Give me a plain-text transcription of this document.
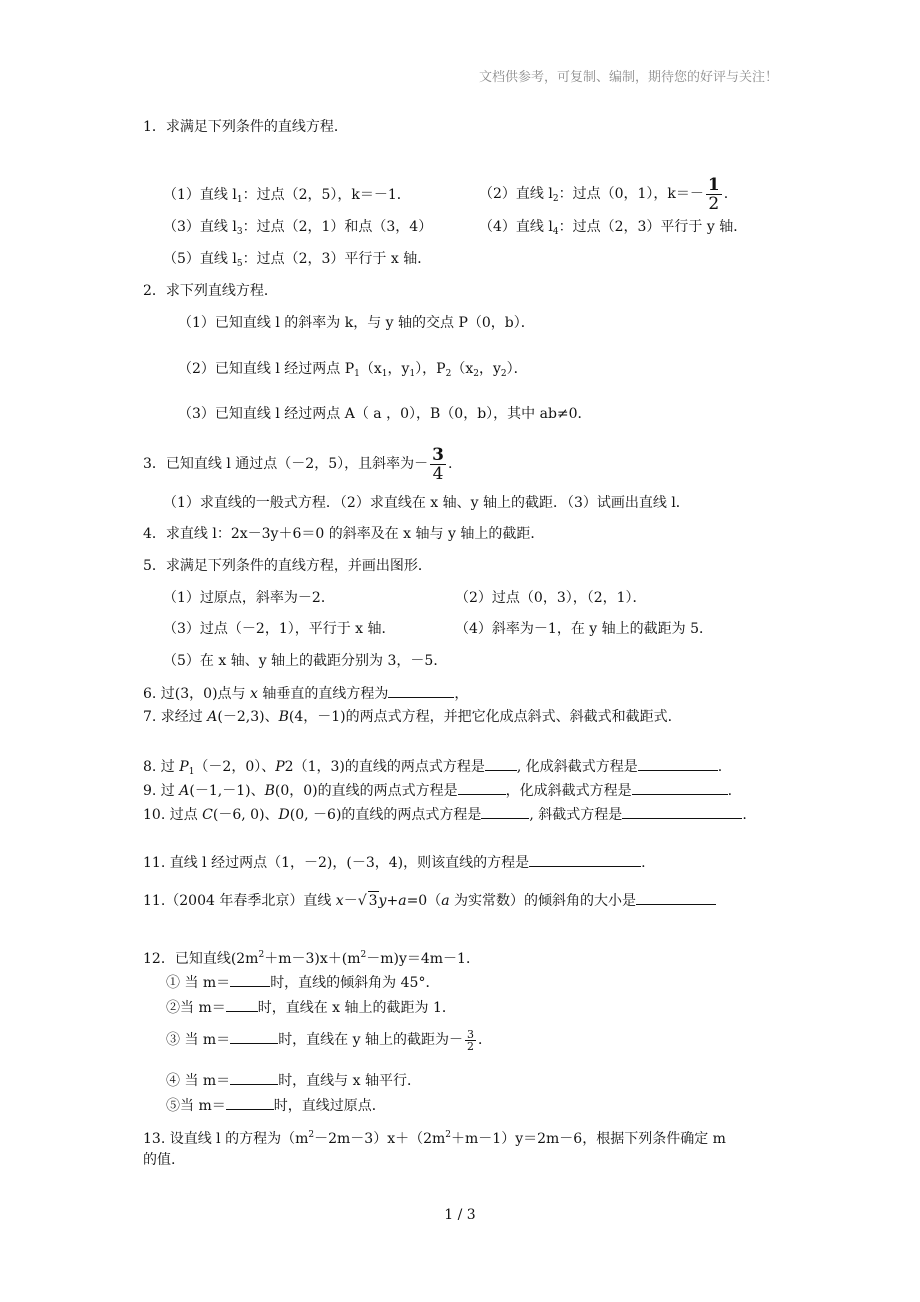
文档供参考，可复制、编制，期待您的好评与关注！
1．求满足下列条件的直线方程．
（1）直线 $l_1$：过点（2，5），k＝－1．	（2）直线 $l_2$：过点（0，1），$k=- \frac{1}{2}$ .
（3）直线 $l_3$：过点（2，1）和点（3，4）	（4）直线 $l_4$：过点（2，3）平行于 y 轴．
（5）直线 $l_5$：过点（2，3）平行于 x 轴．
2．求下列直线方程．
（1）已知直线 l 的斜率为 k，与 y 轴的交点 P（0，b）．
（2）已知直线 l 经过两点 $P_1(x_1$，$y_1$），$P_2(x_2$，$y_2$）．
（3）已知直线 l 经过两点 A（ a ，0），B（0，b），其中 ab≠0．
3．已知直线 l 通过点（－2，5），且斜率为－ $\frac{3}{4}$ .
（1）求直线的一般式方程．（2）求直线在 x 轴、y 轴上的截距．（3）试画出直线 l．
4．求直线 l：2x－3y＋6＝0 的斜率及在 x 轴与 y 轴上的截距．
5．求满足下列条件的直线方程，并画出图形．
（1）过原点，斜率为－2．	（2）过点（0，3），（2，1）．
（3）过点（－2，1），平行于 x 轴．	（4）斜率为－1，在 y 轴上的截距为 5．
（5）在 x 轴、y 轴上的截距分别为 3，－5．
6. 过(3，0)点与 x 轴垂直的直线方程为	，
7. 求经过 A(－2,3)、B(4，－1)的两点式方程，并把它化成点斜式、斜截式和截距式.
8. 过 $P_1(-2$，0）、P2（1，3)的直线的两点式方程是 , 化成斜截式方程是	.
9. 过 A(－1,－1)、B(0，0)的直线的两点式方程是	，化成斜截式方程是	.
10. 过点 C(－6, 0)、D(0, －6)的直线的两点式方程是	, 斜截式方程是	.
11. 直线 l 经过两点（1，－2)，(－3，4)，则该直线的方程是	.
11.（2004 年春季北京）直线 x－√ 3y+a=0（a 为实常数）的倾斜角的大小是
12．已知直线$(2m^2+m-3)x+(m^2-m)y=4m-1$．
① 当 m＝	时，直线的倾斜角为 45°．
②当 m＝ 时，直线在 x 轴上的截距为 1．
③ 当 m＝	时，直线在 y 轴上的截距为－ $\frac{3}{2}$ ．
④ 当 m＝	时，直线与 x 轴平行．
⑤当 m＝	时，直线过原点．
13. 设直线 l 的方程为$(m^2-2m-3)x+(2m^2+m-1)y=2m-6$，根据下列条件确定 m
的值.
1 / 3
